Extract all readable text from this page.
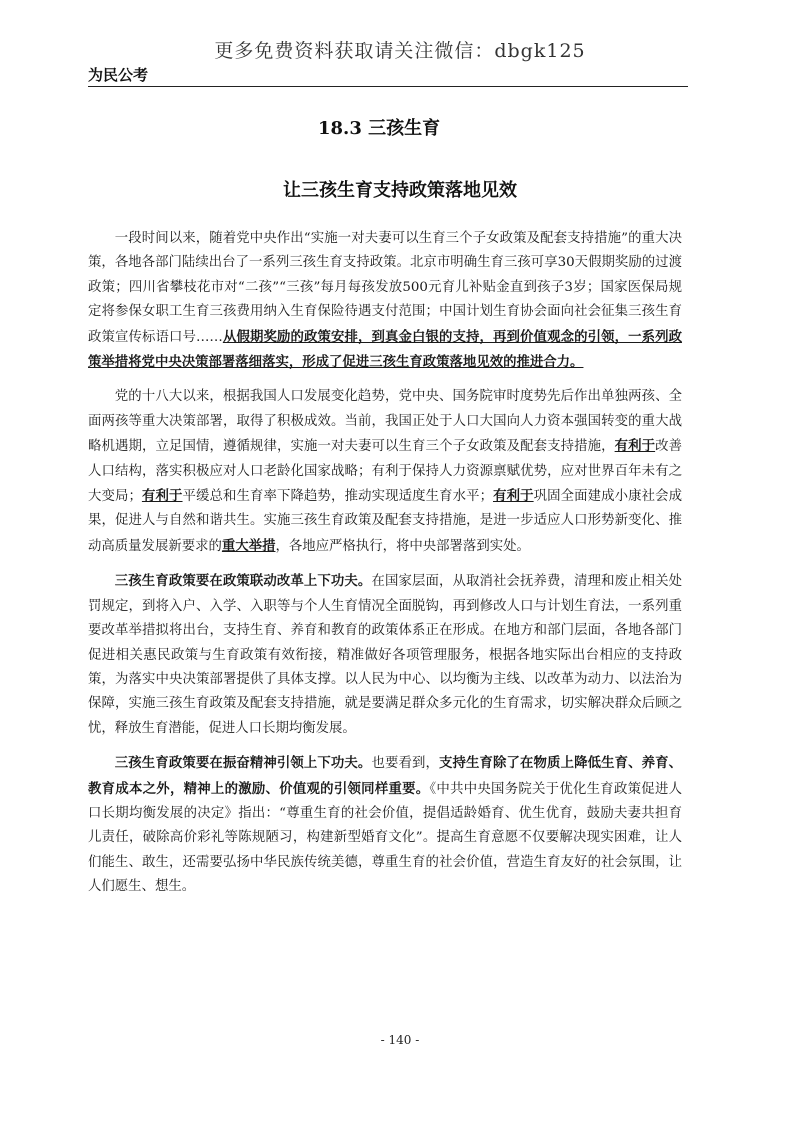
更多免费资料获取请关注微信：dbgk125
为民公考
18.3 三孩生育
让三孩生育支持政策落地见效

一段时间以来，随着党中央作出“实施一对夫妻可以生育三个子女政策及配套支持措施”的重大决策，各地各部门陆续出台了一系列三孩生育支持政策。北京市明确生育三孩可享30天假期奖励的过渡政策；四川省攀枝花市对“二孩”“三孩”每月每孩发放500元育儿补贴金直到孩子3岁；国家医保局规定将参保女职工生育三孩费用纳入生育保险待遇支付范围；中国计划生育协会面向社会征集三孩生育政策宣传标语口号……从假期奖励的政策安排，到真金白银的支持，再到价值观念的引领，一系列政策举措将党中央决策部署落细落实，形成了促进三孩生育政策落地见效的推进合力。

党的十八大以来，根据我国人口发展变化趋势，党中央、国务院审时度势先后作出单独两孩、全面两孩等重大决策部署，取得了积极成效。当前，我国正处于人口大国向人力资本强国转变的重大战略机遇期，立足国情，遵循规律，实施一对夫妻可以生育三个子女政策及配套支持措施，有利于改善人口结构，落实积极应对人口老龄化国家战略；有利于保持人力资源禀赋优势，应对世界百年未有之大变局；有利于平缓总和生育率下降趋势，推动实现适度生育水平；有利于巩固全面建成小康社会成果，促进人与自然和谐共生。实施三孩生育政策及配套支持措施，是进一步适应人口形势新变化、推动高质量发展新要求的重大举措，各地应严格执行，将中央部署落到实处。

三孩生育政策要在政策联动改革上下功夫。在国家层面，从取消社会抚养费，清理和废止相关处罚规定，到将入户、入学、入职等与个人生育情况全面脱钩，再到修改人口与计划生育法，一系列重要改革举措拟将出台，支持生育、养育和教育的政策体系正在形成。在地方和部门层面，各地各部门促进相关惠民政策与生育政策有效衔接，精准做好各项管理服务，根据各地实际出台相应的支持政策，为落实中央决策部署提供了具体支撑。以人民为中心、以均衡为主线、以改革为动力、以法治为保障，实施三孩生育政策及配套支持措施，就是要满足群众多元化的生育需求，切实解决群众后顾之忧，释放生育潜能，促进人口长期均衡发展。

三孩生育政策要在振奋精神引领上下功夫。也要看到，支持生育除了在物质上降低生育、养育、教育成本之外，精神上的激励、价值观的引领同样重要。《中共中央国务院关于优化生育政策促进人口长期均衡发展的决定》指出：“尊重生育的社会价值，提倡适龄婚育、优生优育，鼓励夫妻共担育儿责任，破除高价彩礼等陈规陋习，构建新型婚育文化”。提高生育意愿不仅要解决现实困难，让人们能生、敢生，还需要弘扬中华民族传统美德，尊重生育的社会价值，营造生育友好的社会氛围，让人们愿生、想生。

- 140 -
